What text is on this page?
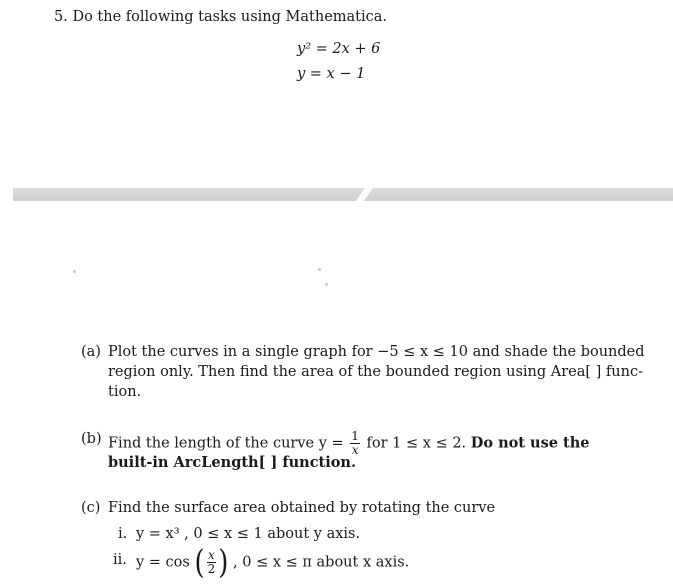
5. Do the following tasks using Mathematica.
y² = 2x + 6
y = x − 1
(a) Plot the curves in a single graph for −5 ≤ x ≤ 10 and shade the bounded
region only. Then find the area of the bounded region using Area[ ] func-
tion.
(b) Find the length of the curve $y = \frac{1}{x}$ for 1 ≤ x ≤ 2. Do not use the
built-in ArcLength[ ] function.
(c) Find the surface area obtained by rotating the curve
i. y = x³ , 0 ≤ x ≤ 1 about y axis.
ii. y = cos ( $\frac{x}{2}$ ) , 0 ≤ x ≤ π about x axis.
